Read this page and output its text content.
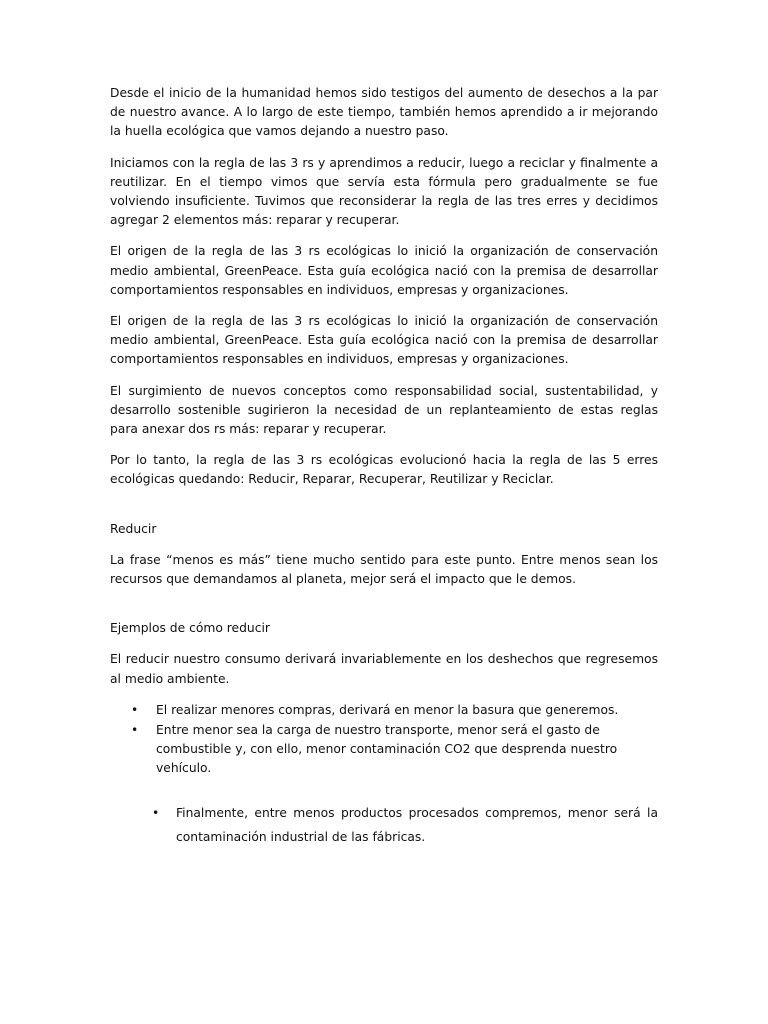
Desde el inicio de la humanidad hemos sido testigos del aumento de desechos a la par de nuestro avance. A lo largo de este tiempo, también hemos aprendido a ir mejorando la huella ecológica que vamos dejando a nuestro paso.

Iniciamos con la regla de las 3 rs y aprendimos a reducir, luego a reciclar y finalmente a reutilizar. En el tiempo vimos que servía esta fórmula pero gradualmente se fue volviendo insuficiente. Tuvimos que reconsiderar la regla de las tres erres y decidimos agregar 2 elementos más: reparar y recuperar.

El origen de la regla de las 3 rs ecológicas lo inició la organización de conservación medio ambiental, GreenPeace. Esta guía ecológica nació con la premisa de desarrollar comportamientos responsables en individuos, empresas y organizaciones.

El origen de la regla de las 3 rs ecológicas lo inició la organización de conservación medio ambiental, GreenPeace. Esta guía ecológica nació con la premisa de desarrollar comportamientos responsables en individuos, empresas y organizaciones.

El surgimiento de nuevos conceptos como responsabilidad social, sustentabilidad, y desarrollo sostenible sugirieron la necesidad de un replanteamiento de estas reglas para anexar dos rs más: reparar y recuperar.

Por lo tanto, la regla de las 3 rs ecológicas evolucionó hacia la regla de las 5 erres ecológicas quedando: Reducir, Reparar, Recuperar, Reutilizar y Reciclar.

Reducir

La frase “menos es más” tiene mucho sentido para este punto. Entre menos sean los recursos que demandamos al planeta, mejor será el impacto que le demos.

Ejemplos de cómo reducir

El reducir nuestro consumo derivará invariablemente en los deshechos que regresemos al medio ambiente.

• El realizar menores compras, derivará en menor la basura que generemos.
• Entre menor sea la carga de nuestro transporte, menor será el gasto de combustible y, con ello, menor contaminación CO2 que desprenda nuestro vehículo.
• Finalmente, entre menos productos procesados compremos, menor será la contaminación industrial de las fábricas.
